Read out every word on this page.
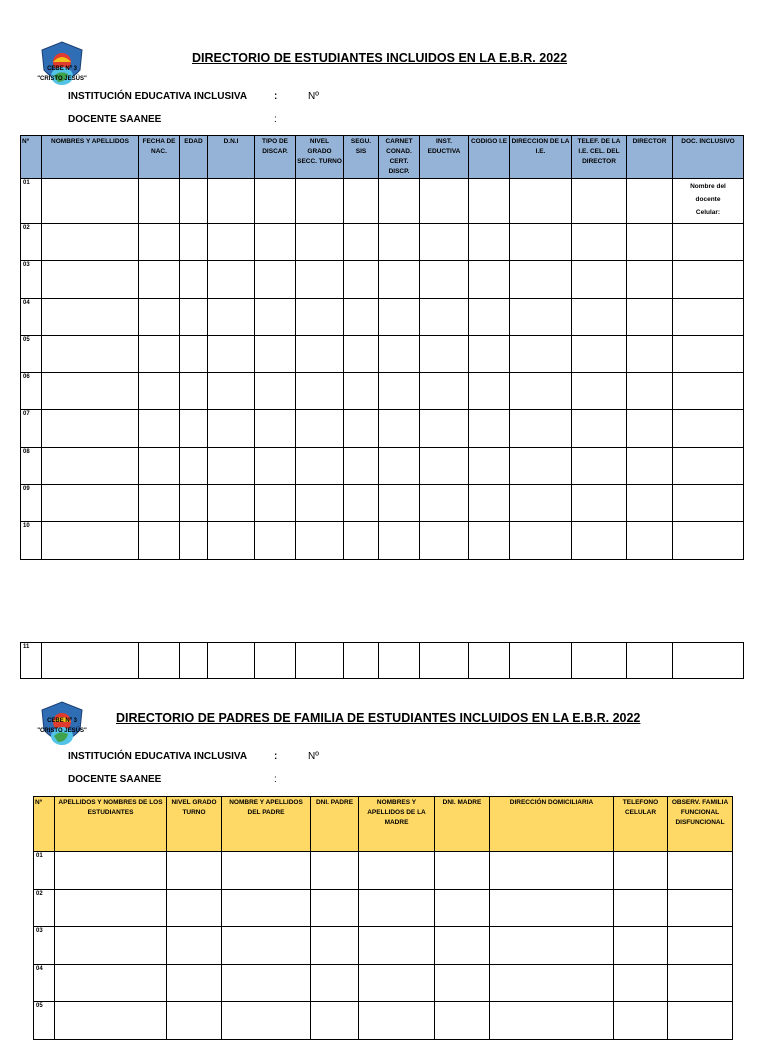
CEBE Nº 3
"CRISTO JESÚS"
DIRECTORIO DE ESTUDIANTES INCLUIDOS EN LA E.B.R. 2022
INSTITUCIÓN EDUCATIVA INCLUSIVA	:	Nº
DOCENTE SAANEE	:
Nº	NOMBRES Y APELLIDOS	FECHA DE NAC.	EDAD	D.N.I	TIPO DE DISCAP.	NIVEL GRADO SECC. TURNO	SEGU. SIS	CARNET CONAD. CERT. DISCP.	INST. EDUCTIVA	CODIGO I.E	DIRECCION DE LA I.E.	TELEF. DE LA I.E. CEL. DEL DIRECTOR	DIRECTOR	DOC. INCLUSIVO
01														Nombre del
docente
Celular:

02														
03														
04														
05														
06														
07														
08														
09														
10														
11														
CEBE Nº 3
"CRISTO JESÚS"
DIRECTORIO DE PADRES DE FAMILIA DE ESTUDIANTES INCLUIDOS EN LA E.B.R. 2022
INSTITUCIÓN EDUCATIVA INCLUSIVA	:	Nº
DOCENTE SAANEE	:
Nº	APELLIDOS Y NOMBRES DE LOS ESTUDIANTES	NIVEL GRADO TURNO	NOMBRE Y APELLIDOS DEL PADRE	DNI. PADRE	NOMBRES Y APELLIDOS DE LA MADRE	DNI. MADRE	DIRECCIÓN DOMICILIARIA	TELEFONO CELULAR	OBSERV. FAMILIA FUNCIONAL DISFUNCIONAL
01									
02									
03									
04									
05									
